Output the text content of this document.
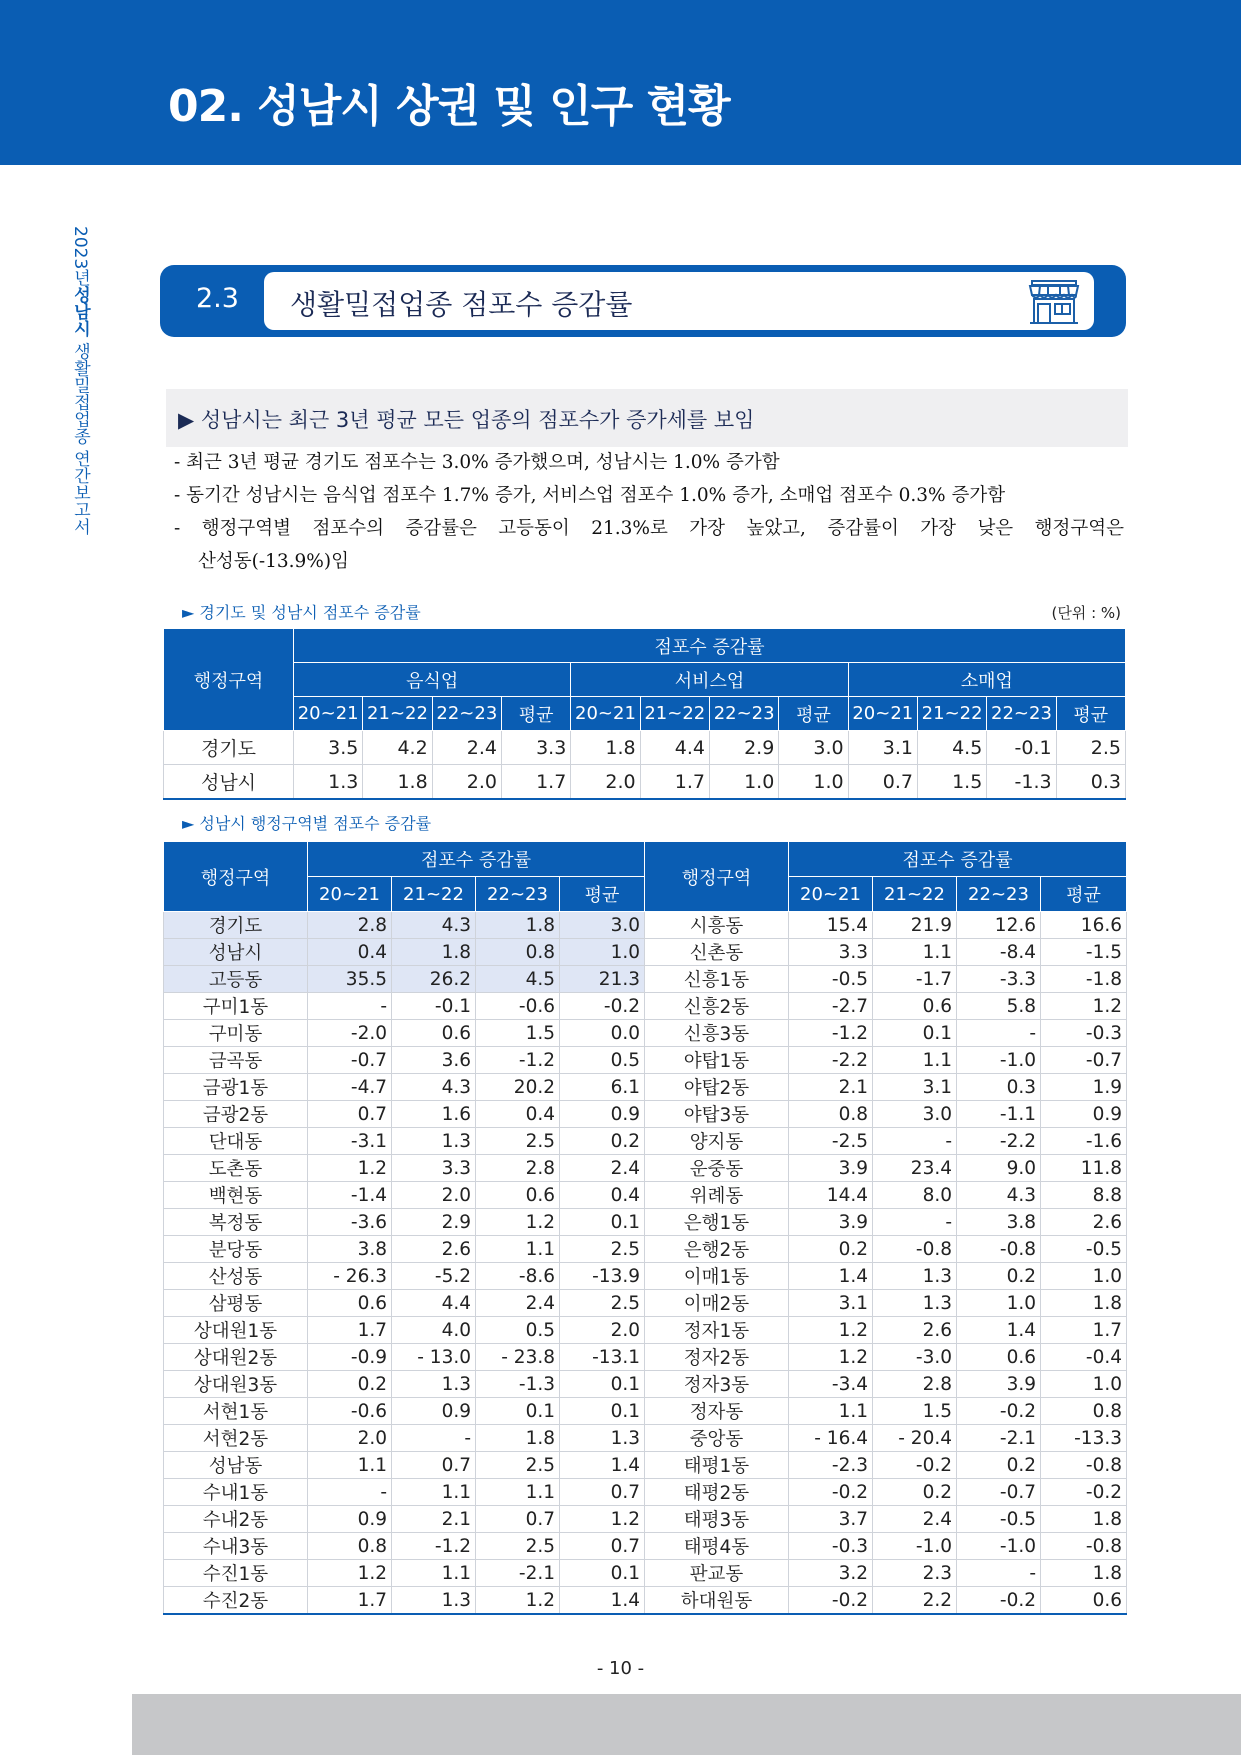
02. 성남시 상권 및 인구 현황
2023년성남시 생활밀접업종 연간보고서
2.3 생활밀접업종 점포수 증감률
▶ 성남시는 최근 3년 평균 모든 업종의 점포수가 증가세를 보임
- 최근 3년 평균 경기도 점포수는 3.0% 증가했으며, 성남시는 1.0% 증가함
- 동기간 성남시는 음식업 점포수 1.7% 증가, 서비스업 점포수 1.0% 증가, 소매업 점포수 0.3% 증가함
- 행정구역별 점포수의 증감률은 고등동이 21.3%로 가장 높았고, 증감률이 가장 낮은 행정구역은
산성동(-13.9%)임
► 경기도 및 성남시 점포수 증감률	(단위 : %)
행정구역	점포수 증감률											
	음식업				서비스업				소매업			
	20~21	21~22	22~23	평균	20~21	21~22	22~23	평균	20~21	21~22	22~23	평균
경기도	3.5	4.2	2.4	3.3	1.8	4.4	2.9	3.0	3.1	4.5	-0.1	2.5
성남시	1.3	1.8	2.0	1.7	2.0	1.7	1.0	1.0	0.7	1.5	-1.3	0.3
► 성남시 행정구역별 점포수 증감률
행정구역	점포수 증감률				행정구역	점포수 증감률			
	20~21	21~22	22~23	평균		20~21	21~22	22~23	평균
경기도	2.8	4.3	1.8	3.0	시흥동	15.4	21.9	12.6	16.6
성남시	0.4	1.8	0.8	1.0	신촌동	3.3	1.1	-8.4	-1.5
고등동	35.5	26.2	4.5	21.3	신흥1동	-0.5	-1.7	-3.3	-1.8
구미1동	-	-0.1	-0.6	-0.2	신흥2동	-2.7	0.6	5.8	1.2
구미동	-2.0	0.6	1.5	0.0	신흥3동	-1.2	0.1	-	-0.3
금곡동	-0.7	3.6	-1.2	0.5	야탑1동	-2.2	1.1	-1.0	-0.7
금광1동	-4.7	4.3	20.2	6.1	야탑2동	2.1	3.1	0.3	1.9
금광2동	0.7	1.6	0.4	0.9	야탑3동	0.8	3.0	-1.1	0.9
단대동	-3.1	1.3	2.5	0.2	양지동	-2.5	-	-2.2	-1.6
도촌동	1.2	3.3	2.8	2.4	운중동	3.9	23.4	9.0	11.8
백현동	-1.4	2.0	0.6	0.4	위례동	14.4	8.0	4.3	8.8
복정동	-3.6	2.9	1.2	0.1	은행1동	3.9	-	3.8	2.6
분당동	3.8	2.6	1.1	2.5	은행2동	0.2	-0.8	-0.8	-0.5
산성동	- 26.3	-5.2	-8.6	-13.9	이매1동	1.4	1.3	0.2	1.0
삼평동	0.6	4.4	2.4	2.5	이매2동	3.1	1.3	1.0	1.8
상대원1동	1.7	4.0	0.5	2.0	정자1동	1.2	2.6	1.4	1.7
상대원2동	-0.9	- 13.0	- 23.8	-13.1	정자2동	1.2	-3.0	0.6	-0.4
상대원3동	0.2	1.3	-1.3	0.1	정자3동	-3.4	2.8	3.9	1.0
서현1동	-0.6	0.9	0.1	0.1	정자동	1.1	1.5	-0.2	0.8
서현2동	2.0	-	1.8	1.3	중앙동	- 16.4	- 20.4	-2.1	-13.3
성남동	1.1	0.7	2.5	1.4	태평1동	-2.3	-0.2	0.2	-0.8
수내1동	-	1.1	1.1	0.7	태평2동	-0.2	0.2	-0.7	-0.2
수내2동	0.9	2.1	0.7	1.2	태평3동	3.7	2.4	-0.5	1.8
수내3동	0.8	-1.2	2.5	0.7	태평4동	-0.3	-1.0	-1.0	-0.8
수진1동	1.2	1.1	-2.1	0.1	판교동	3.2	2.3	-	1.8
수진2동	1.7	1.3	1.2	1.4	하대원동	-0.2	2.2	-0.2	0.6
- 10 -
